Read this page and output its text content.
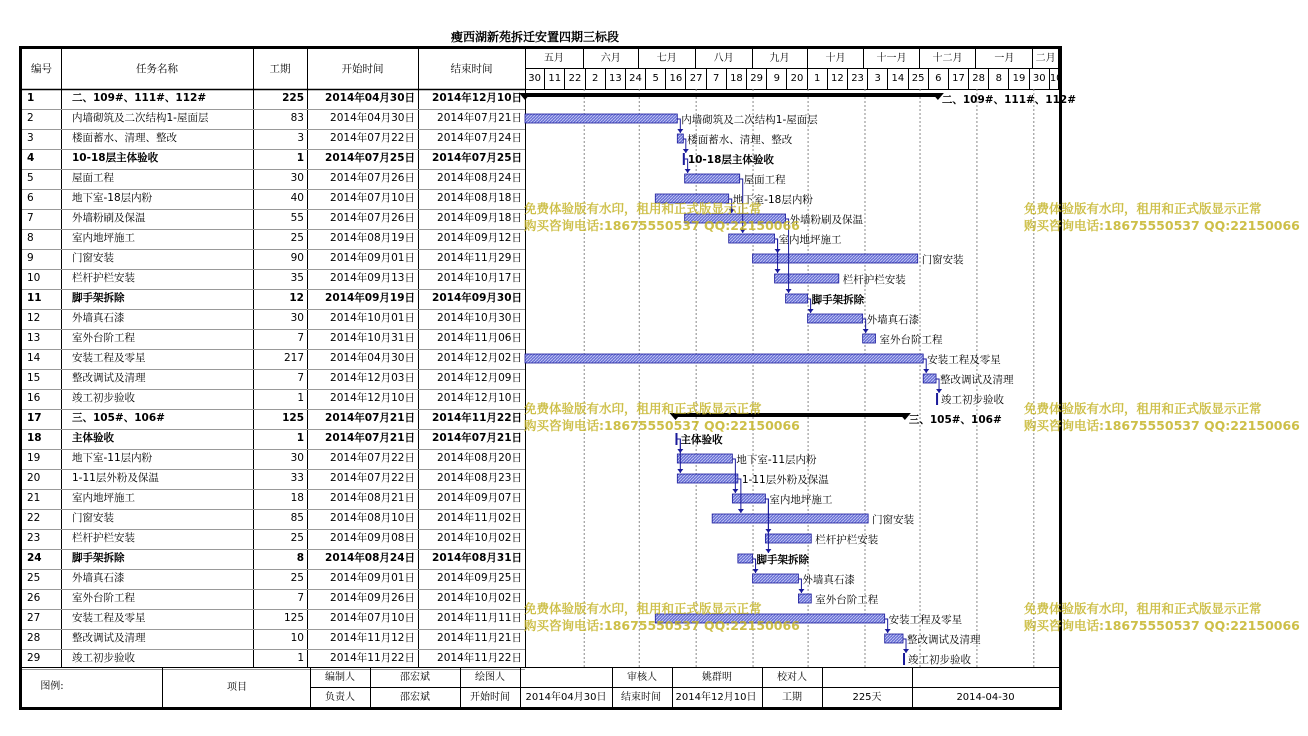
瘦西湖新苑拆迁安置四期三标段
编号	任务名称	工期	开始时间	结束时间
五月	六月	七月	八月	九月	十月	十一月	十二月	一月	二月
30 11 22	2	13 24	5	16 27	7	18 29	9	20	1	12 23	3	14 25	6	17 28	8	19 30 10
1	二、109#、111#、112#	225	2014年04月30日	2014年12月10日
2	内墙砌筑及二次结构1-屋面层	83	2014年04月30日	2014年07月21日
3	楼面蓄水、清理、整改	3	2014年07月22日	2014年07月24日
4	10-18层主体验收	1	2014年07月25日	2014年07月25日
5	屋面工程	30	2014年07月26日	2014年08月24日
6	地下室-18层内粉	40	2014年07月10日	2014年08月18日
7	外墙粉刷及保温	55	2014年07月26日	2014年09月18日
8	室内地坪施工	25	2014年08月19日	2014年09月12日
9	门窗安装	90	2014年09月01日	2014年11月29日
10	栏杆护栏安装	35	2014年09月13日	2014年10月17日
11	脚手架拆除	12	2014年09月19日	2014年09月30日
12	外墙真石漆	30	2014年10月01日	2014年10月30日
13	室外台阶工程	7	2014年10月31日	2014年11月06日
14	安装工程及零星	217	2014年04月30日	2014年12月02日
15	整改调试及清理	7	2014年12月03日	2014年12月09日
16	竣工初步验收	1	2014年12月10日	2014年12月10日
17	三、105#、106#	125	2014年07月21日	2014年11月22日
18	主体验收	1	2014年07月21日	2014年07月21日
19	地下室-11层内粉	30	2014年07月22日	2014年08月20日
20	1-11层外粉及保温	33	2014年07月22日	2014年08月23日
21	室内地坪施工	18	2014年08月21日	2014年09月07日
22	门窗安装	85	2014年08月10日	2014年11月02日
23	栏杆护栏安装	25	2014年09月08日	2014年10月02日
24	脚手架拆除	8	2014年08月24日	2014年08月31日
25	外墙真石漆	25	2014年09月01日	2014年09月25日
26	室外台阶工程	7	2014年09月26日	2014年10月02日
27	安装工程及零星	125	2014年07月10日	2014年11月11日
28	整改调试及清理	10	2014年11月12日	2014年11月21日
29	竣工初步验收	1	2014年11月22日	2014年11月22日
二、109#、111#、112#
内墙砌筑及二次结构1-屋面层
楼面蓄水、清理、整改
10-18层主体验收
屋面工程
地下室-18层内粉
外墙粉刷及保温
室内地坪施工
门窗安装
栏杆护栏安装
脚手架拆除
外墙真石漆
室外台阶工程
安装工程及零星
整改调试及清理
竣工初步验收
三、105#、106#
主体验收
地下室-11层内粉
1-11层外粉及保温
室内地坪施工
门窗安装
栏杆护栏安装
脚手架拆除
外墙真石漆
室外台阶工程
安装工程及零星
整改调试及清理
竣工初步验收
图例:	项目
编制人	邵宏斌	绘图人	审核人	姚群明	校对人
负责人	邵宏斌	开始时间	2014年04月30日	结束时间	2014年12月10日	工期	225天	2014-04-30
免费体验版有水印，租用和正式版显示正常
购买咨询电话:18675550537 QQ:22150066
免费体验版有水印，租用和正式版显示正常
购买咨询电话:18675550537 QQ:22150066
免费体验版有水印，租用和正式版显示正常
购买咨询电话:18675550537 QQ:22150066
免费体验版有水印，租用和正式版显示正常
购买咨询电话:18675550537 QQ:22150066
免费体验版有水印，租用和正式版显示正常
购买咨询电话:18675550537 QQ:22150066
免费体验版有水印，租用和正式版显示正常
购买咨询电话:18675550537 QQ:22150066
